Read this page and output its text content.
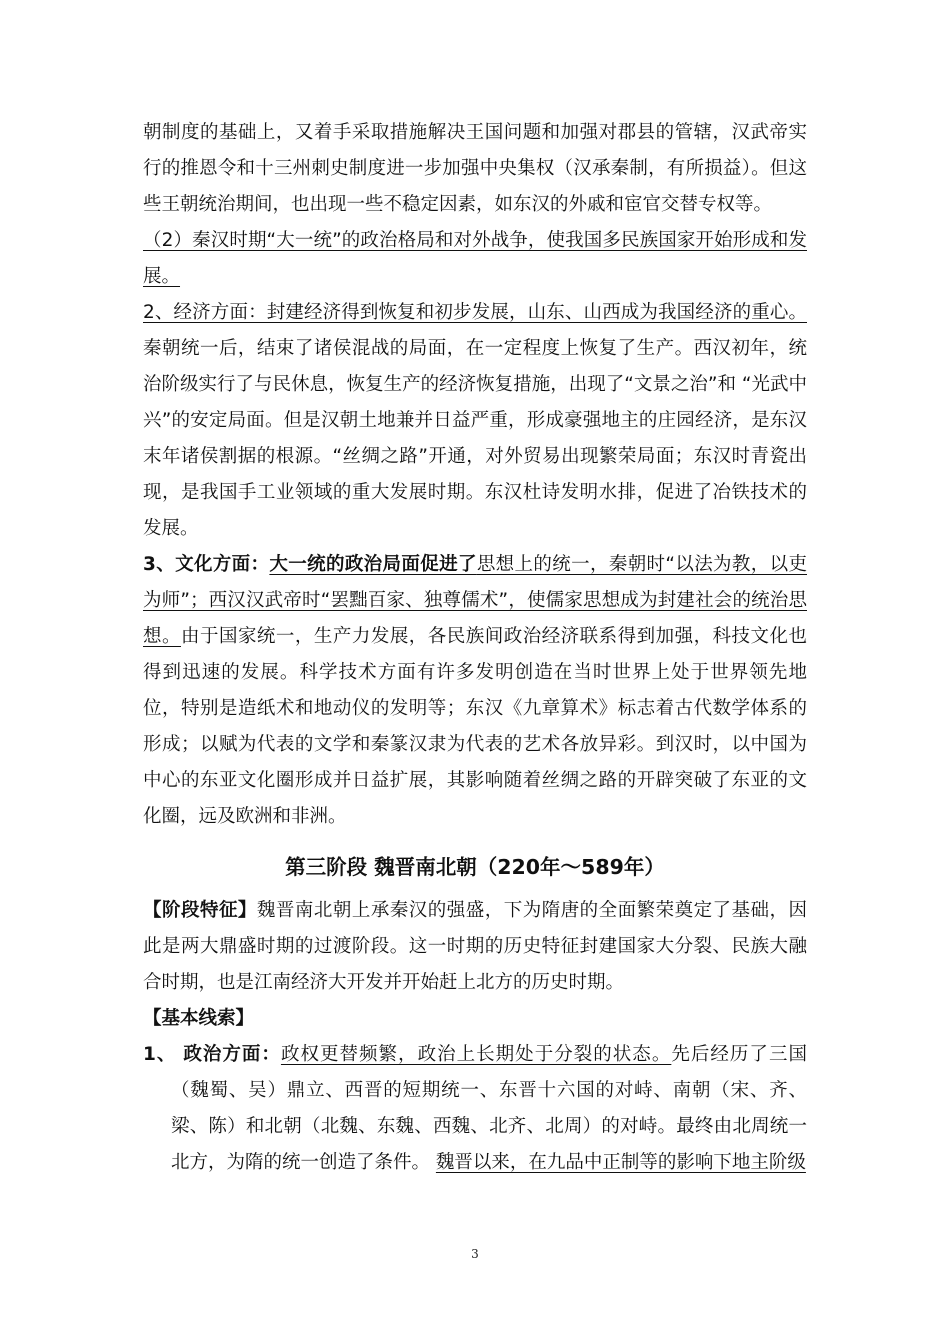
朝制度的基础上，又着手采取措施解决王国问题和加强对郡县的管辖，汉武帝实行的推恩令和十三州刺史制度进一步加强中央集权（汉承秦制，有所损益）。但这些王朝统治期间，也出现一些不稳定因素，如东汉的外戚和宦官交替专权等。

（2）秦汉时期“大一统”的政治格局和对外战争，使我国多民族国家开始形成和发展。

2、经济方面：封建经济得到恢复和初步发展，山东、山西成为我国经济的重心。秦朝统一后，结束了诸侯混战的局面，在一定程度上恢复了生产。西汉初年，统治阶级实行了与民休息，恢复生产的经济恢复措施，出现了“文景之治”和 “光武中兴”的安定局面。但是汉朝土地兼并日益严重，形成豪强地主的庄园经济，是东汉末年诸侯割据的根源。“丝绸之路”开通，对外贸易出现繁荣局面；东汉时青瓷出现，是我国手工业领域的重大发展时期。东汉杜诗发明水排，促进了冶铁技术的发展。

3、文化方面：大一统的政治局面促进了思想上的统一，秦朝时“以法为教，以吏为师”；西汉汉武帝时“罢黜百家、独尊儒术”，使儒家思想成为封建社会的统治思想。由于国家统一，生产力发展，各民族间政治经济联系得到加强，科技文化也得到迅速的发展。科学技术方面有许多发明创造在当时世界上处于世界领先地位，特别是造纸术和地动仪的发明等；东汉《九章算术》标志着古代数学体系的形成；以赋为代表的文学和秦篆汉隶为代表的艺术各放异彩。到汉时，以中国为中心的东亚文化圈形成并日益扩展，其影响随着丝绸之路的开辟突破了东亚的文化圈，远及欧洲和非洲。

第三阶段 魏晋南北朝（220年～589年）

【阶段特征】魏晋南北朝上承秦汉的强盛，下为隋唐的全面繁荣奠定了基础，因此是两大鼎盛时期的过渡阶段。这一时期的历史特征封建国家大分裂、民族大融合时期，也是江南经济大开发并开始赶上北方的历史时期。

【基本线索】

1、 政治方面：政权更替频繁，政治上长期处于分裂的状态。先后经历了三国（魏蜀、吴）鼎立、西晋的短期统一、东晋十六国的对峙、南朝（宋、齐、梁、陈）和北朝（北魏、东魏、西魏、北齐、北周）的对峙。最终由北周统一北方，为隋的统一创造了条件。 魏晋以来，在九品中正制等的影响下地主阶级

3
